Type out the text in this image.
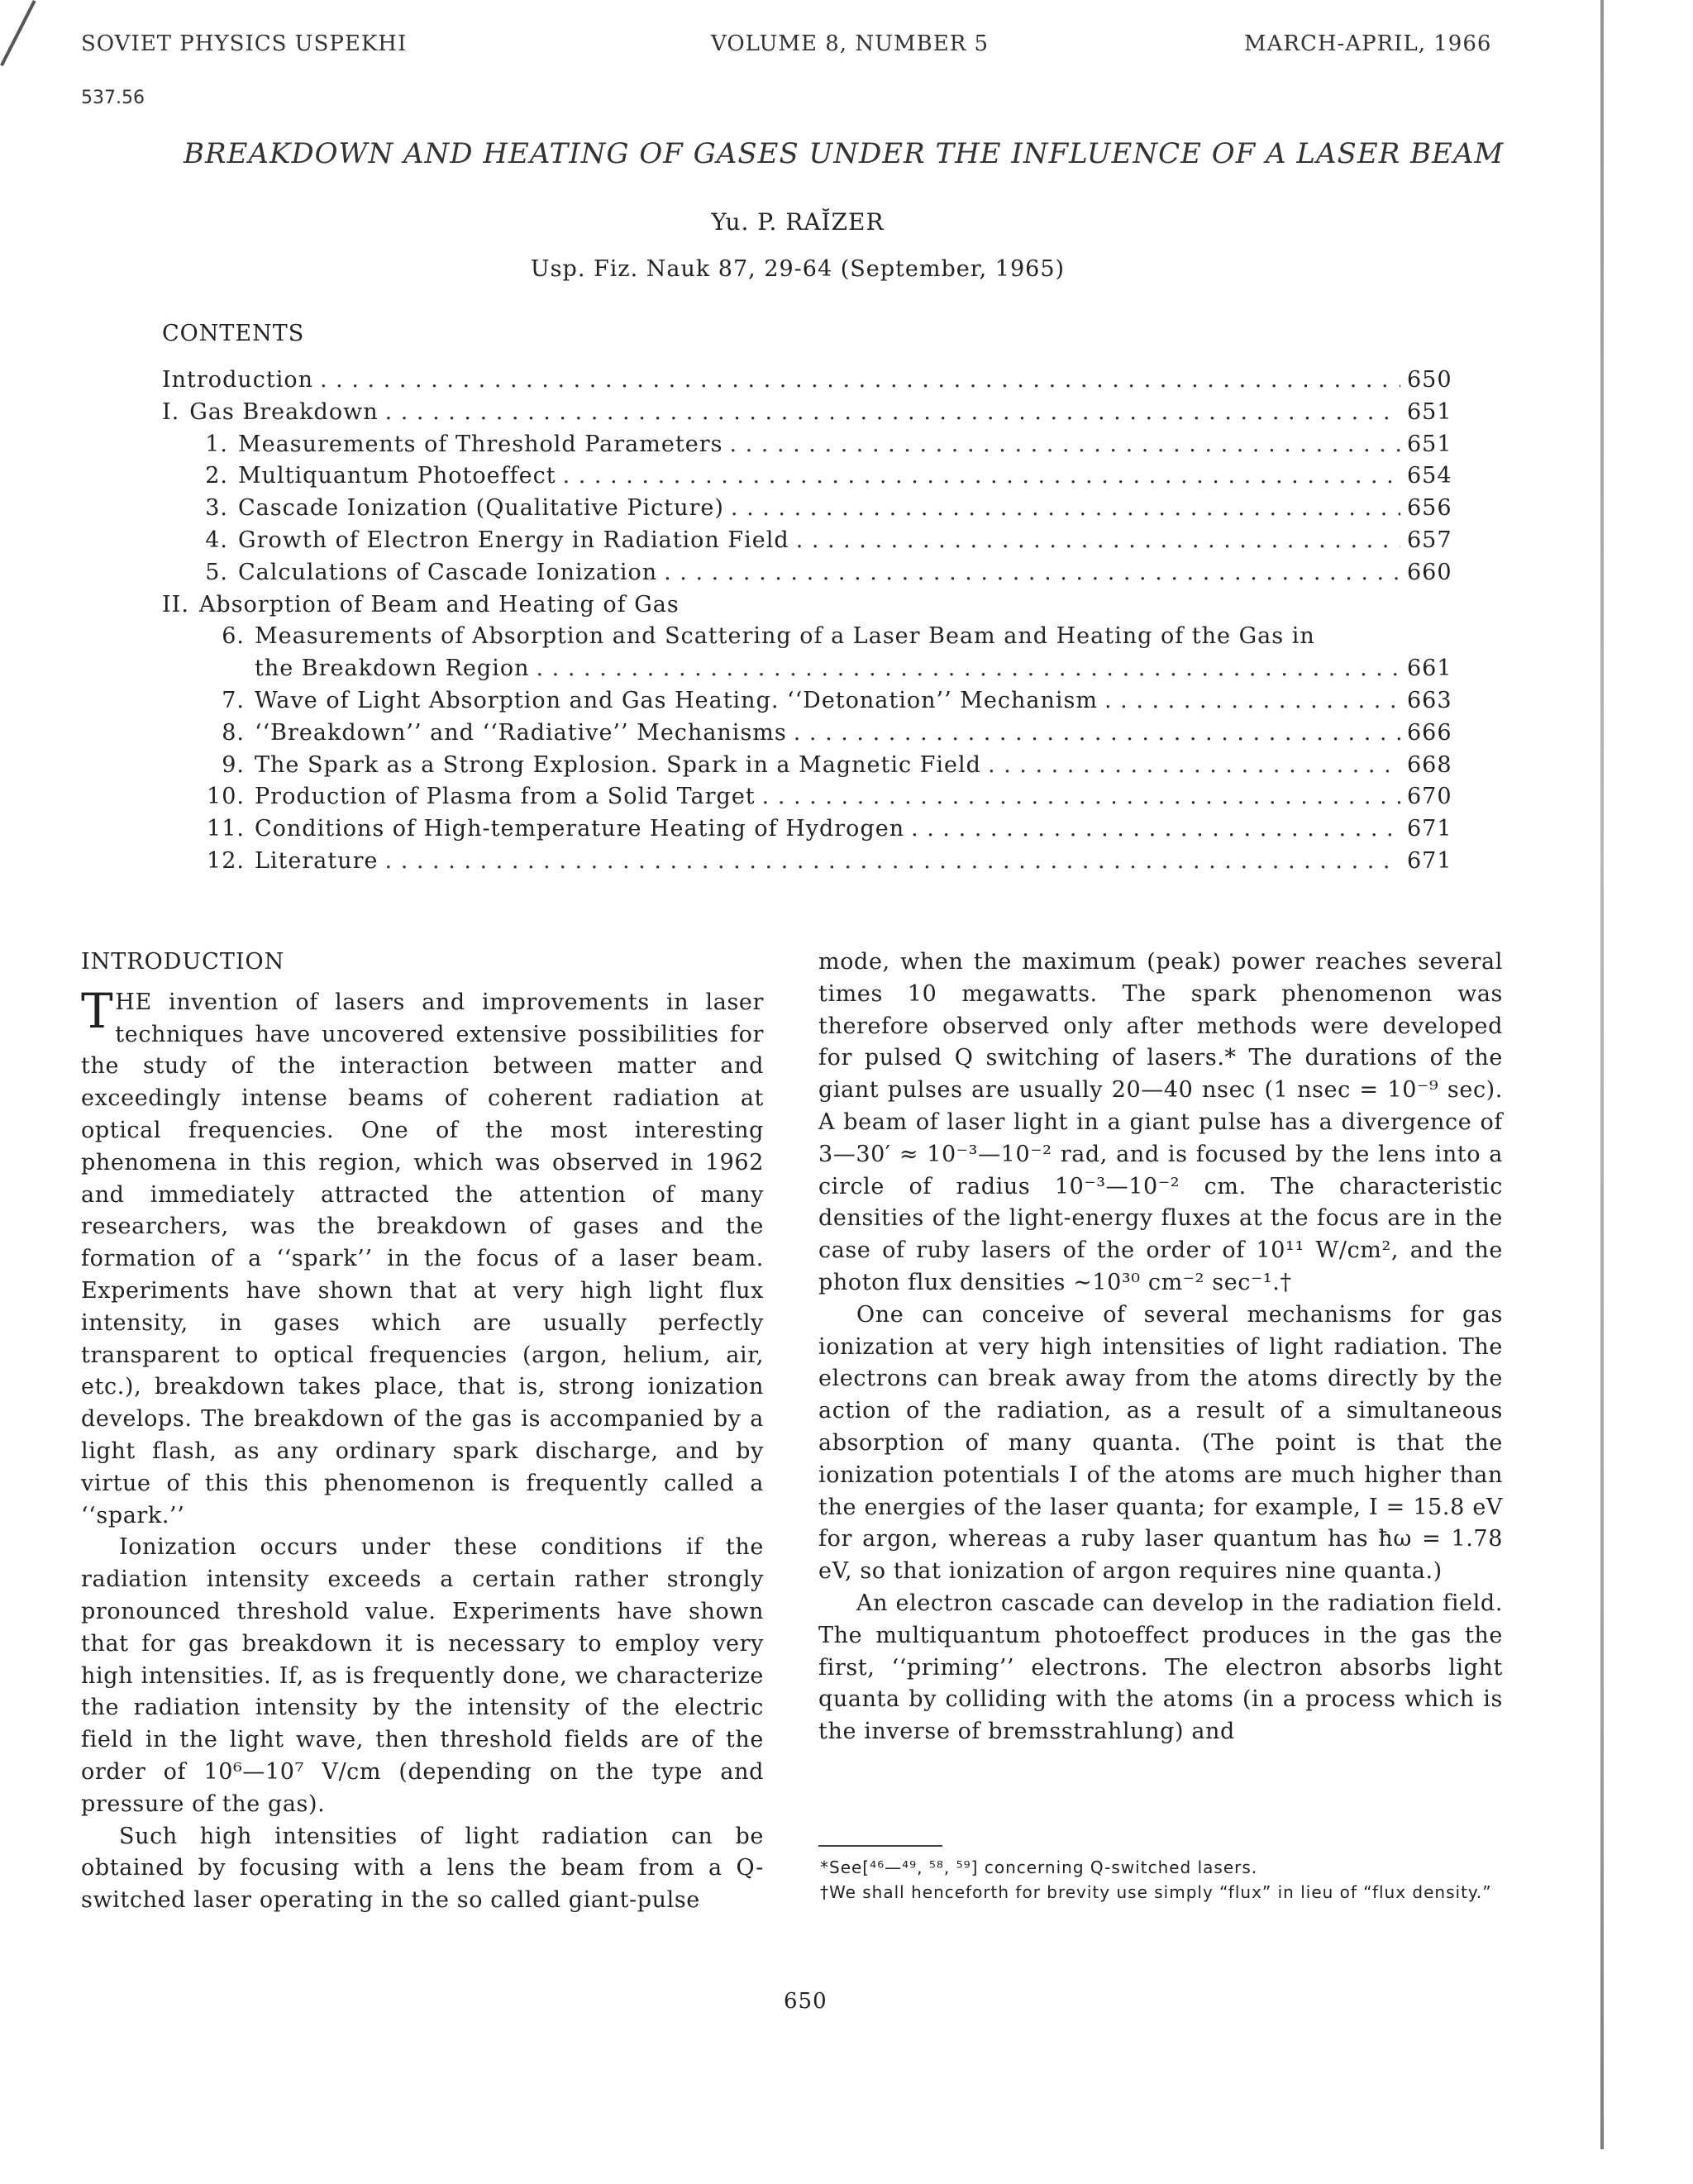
SOVIET PHYSICS USPEKHI	VOLUME 8, NUMBER 5	MARCH-APRIL, 1966
537.56
BREAKDOWN AND HEATING OF GASES UNDER THE INFLUENCE OF A LASER BEAM
Yu. P. RAĬZER
Usp. Fiz. Nauk 87, 29-64 (September, 1965)
CONTENTS
Introduction . . .	650
I. Gas Breakdown . . .	651
1. Measurements of Threshold Parameters . . .	651
2. Multiquantum Photoeffect . . .	654
3. Cascade Ionization (Qualitative Picture) . . .	656
4. Growth of Electron Energy in Radiation Field . . .	657
5. Calculations of Cascade Ionization . . .	660
II. Absorption of Beam and Heating of Gas
6. Measurements of Absorption and Scattering of a Laser Beam and Heating of the Gas in
the Breakdown Region . . .	661
7. Wave of Light Absorption and Gas Heating. ‘‘Detonation’’ Mechanism . . .	663
8. ‘‘Breakdown’’ and ‘‘Radiative’’ Mechanisms . . .	666
9. The Spark as a Strong Explosion. Spark in a Magnetic Field . . .	668
10. Production of Plasma from a Solid Target . . .	670
11. Conditions of High-temperature Heating of Hydrogen . . .	671
12. Literature . . .	671
INTRODUCTION

THE invention of lasers and improvements in laser techniques have uncovered extensive possibilities for the study of the interaction between matter and exceedingly intense beams of coherent radiation at optical frequencies. One of the most interesting phenomena in this region, which was observed in 1962 and immediately attracted the attention of many researchers, was the breakdown of gases and the formation of a ‘‘spark’’ in the focus of a laser beam. Experiments have shown that at very high light flux intensity, in gases which are usually perfectly transparent to optical frequencies (argon, helium, air, etc.), breakdown takes place, that is, strong ionization develops. The breakdown of the gas is accompanied by a light flash, as any ordinary spark discharge, and by virtue of this this phenomenon is frequently called a ‘‘spark.’’

Ionization occurs under these conditions if the radiation intensity exceeds a certain rather strongly pronounced threshold value. Experiments have shown that for gas breakdown it is necessary to employ very high intensities. If, as is frequently done, we characterize the radiation intensity by the intensity of the electric field in the light wave, then threshold fields are of the order of 10⁶—10⁷ V/cm (depending on the type and pressure of the gas).

Such high intensities of light radiation can be obtained by focusing with a lens the beam from a Q-switched laser operating in the so called giant-pulse

mode, when the maximum (peak) power reaches several times 10 megawatts. The spark phenomenon was therefore observed only after methods were developed for pulsed Q switching of lasers.* The durations of the giant pulses are usually 20—40 nsec (1 nsec = 10⁻⁹ sec). A beam of laser light in a giant pulse has a divergence of 3—30′ ≈ 10⁻³—10⁻² rad, and is focused by the lens into a circle of radius 10⁻³—10⁻² cm. The characteristic densities of the light-energy fluxes at the focus are in the case of ruby lasers of the order of 10¹¹ W/cm², and the photon flux densities ∼10³⁰ cm⁻² sec⁻¹.†

One can conceive of several mechanisms for gas ionization at very high intensities of light radiation. The electrons can break away from the atoms directly by the action of the radiation, as a result of a simultaneous absorption of many quanta. (The point is that the ionization potentials I of the atoms are much higher than the energies of the laser quanta; for example, I = 15.8 eV for argon, whereas a ruby laser quantum has ħω = 1.78 eV, so that ionization of argon requires nine quanta.)

An electron cascade can develop in the radiation field. The multiquantum photoeffect produces in the gas the first, ‘‘priming’’ electrons. The electron absorbs light quanta by colliding with the atoms (in a process which is the inverse of bremsstrahlung) and

*See[⁴⁶—⁴⁹, ⁵⁸, ⁵⁹] concerning Q-switched lasers.
†We shall henceforth for brevity use simply “flux” in lieu of “flux density.”
650
